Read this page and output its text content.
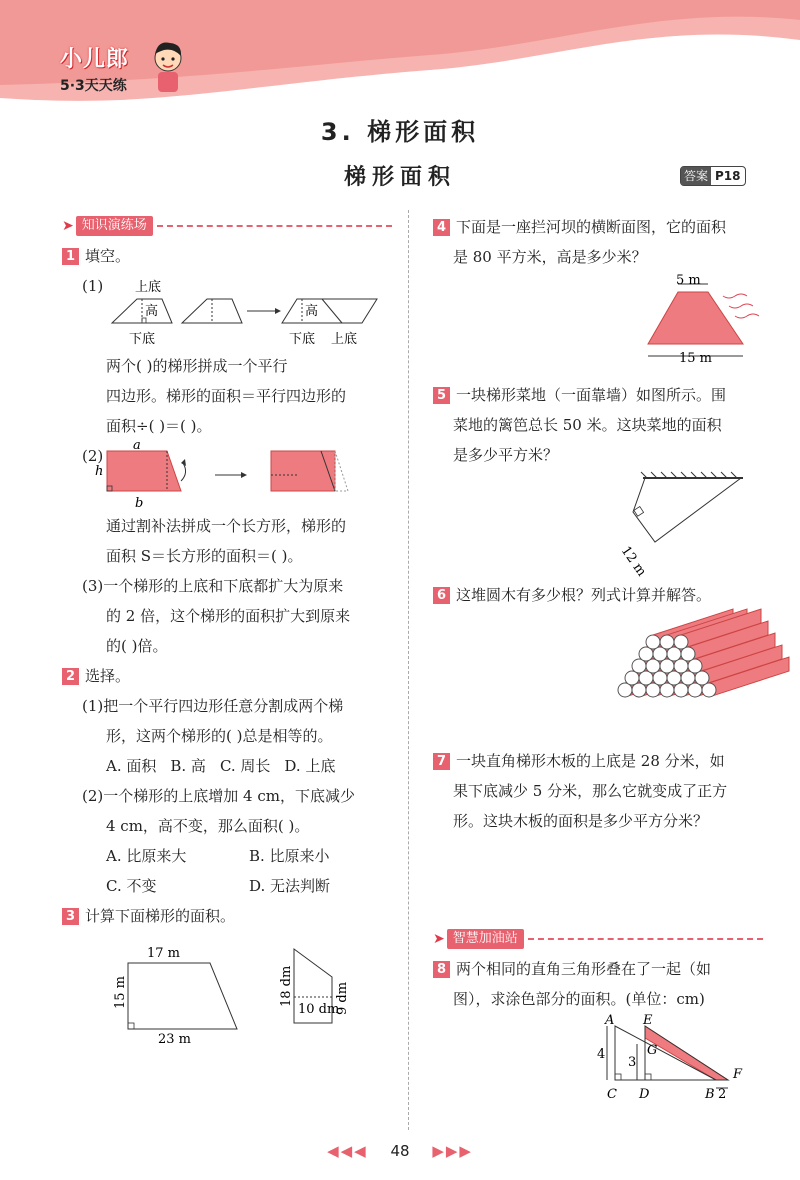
小儿郎
5·3天天练
3. 梯形面积
梯形面积	答案 P18
➤ 知识演练场
1 填空。
(1) 上底
高
下底
高
下底 上底
两个( )的梯形拼成一个平行
四边形。梯形的面积＝平行四边形的
面积÷( )＝( )。
(2)
a
h
b
通过割补法拼成一个长方形，梯形的
面积 S＝长方形的面积＝( )。
(3)一个梯形的上底和下底都扩大为原来
的 2 倍，这个梯形的面积扩大到原来
的( )倍。
2 选择。
(1)把一个平行四边形任意分割成两个梯
形，这两个梯形的( )总是相等的。
A. 面积 B. 高 C. 周长 D. 上底
(2)一个梯形的上底增加 4 cm，下底减少
4 cm，高不变，那么面积( )。
A. 比原来大	B. 比原来小
C. 不变	D. 无法判断
3 计算下面梯形的面积。
17 m
15 m
23 m
18 dm
10 dm
9 dm
4 下面是一座拦河坝的横断面图，它的面积
是 80 平方米，高是多少米？
5 m
15 m
5 一块梯形菜地（一面靠墙）如图所示。围
菜地的篱笆总长 50 米。这块菜地的面积
是多少平方米？
12 m
6 这堆圆木有多少根？列式计算并解答。
7 一块直角梯形木板的上底是 28 分米，如
果下底减少 5 分米，那么它就变成了正方
形。这块木板的面积是多少平方分米？
➤ 智慧加油站
8 两个相同的直角三角形叠在了一起（如
图），求涂色部分的面积。(单位：cm)
A E
G
C D	B
F
4
3
2
◀◀◀ 48 ▶▶▶
